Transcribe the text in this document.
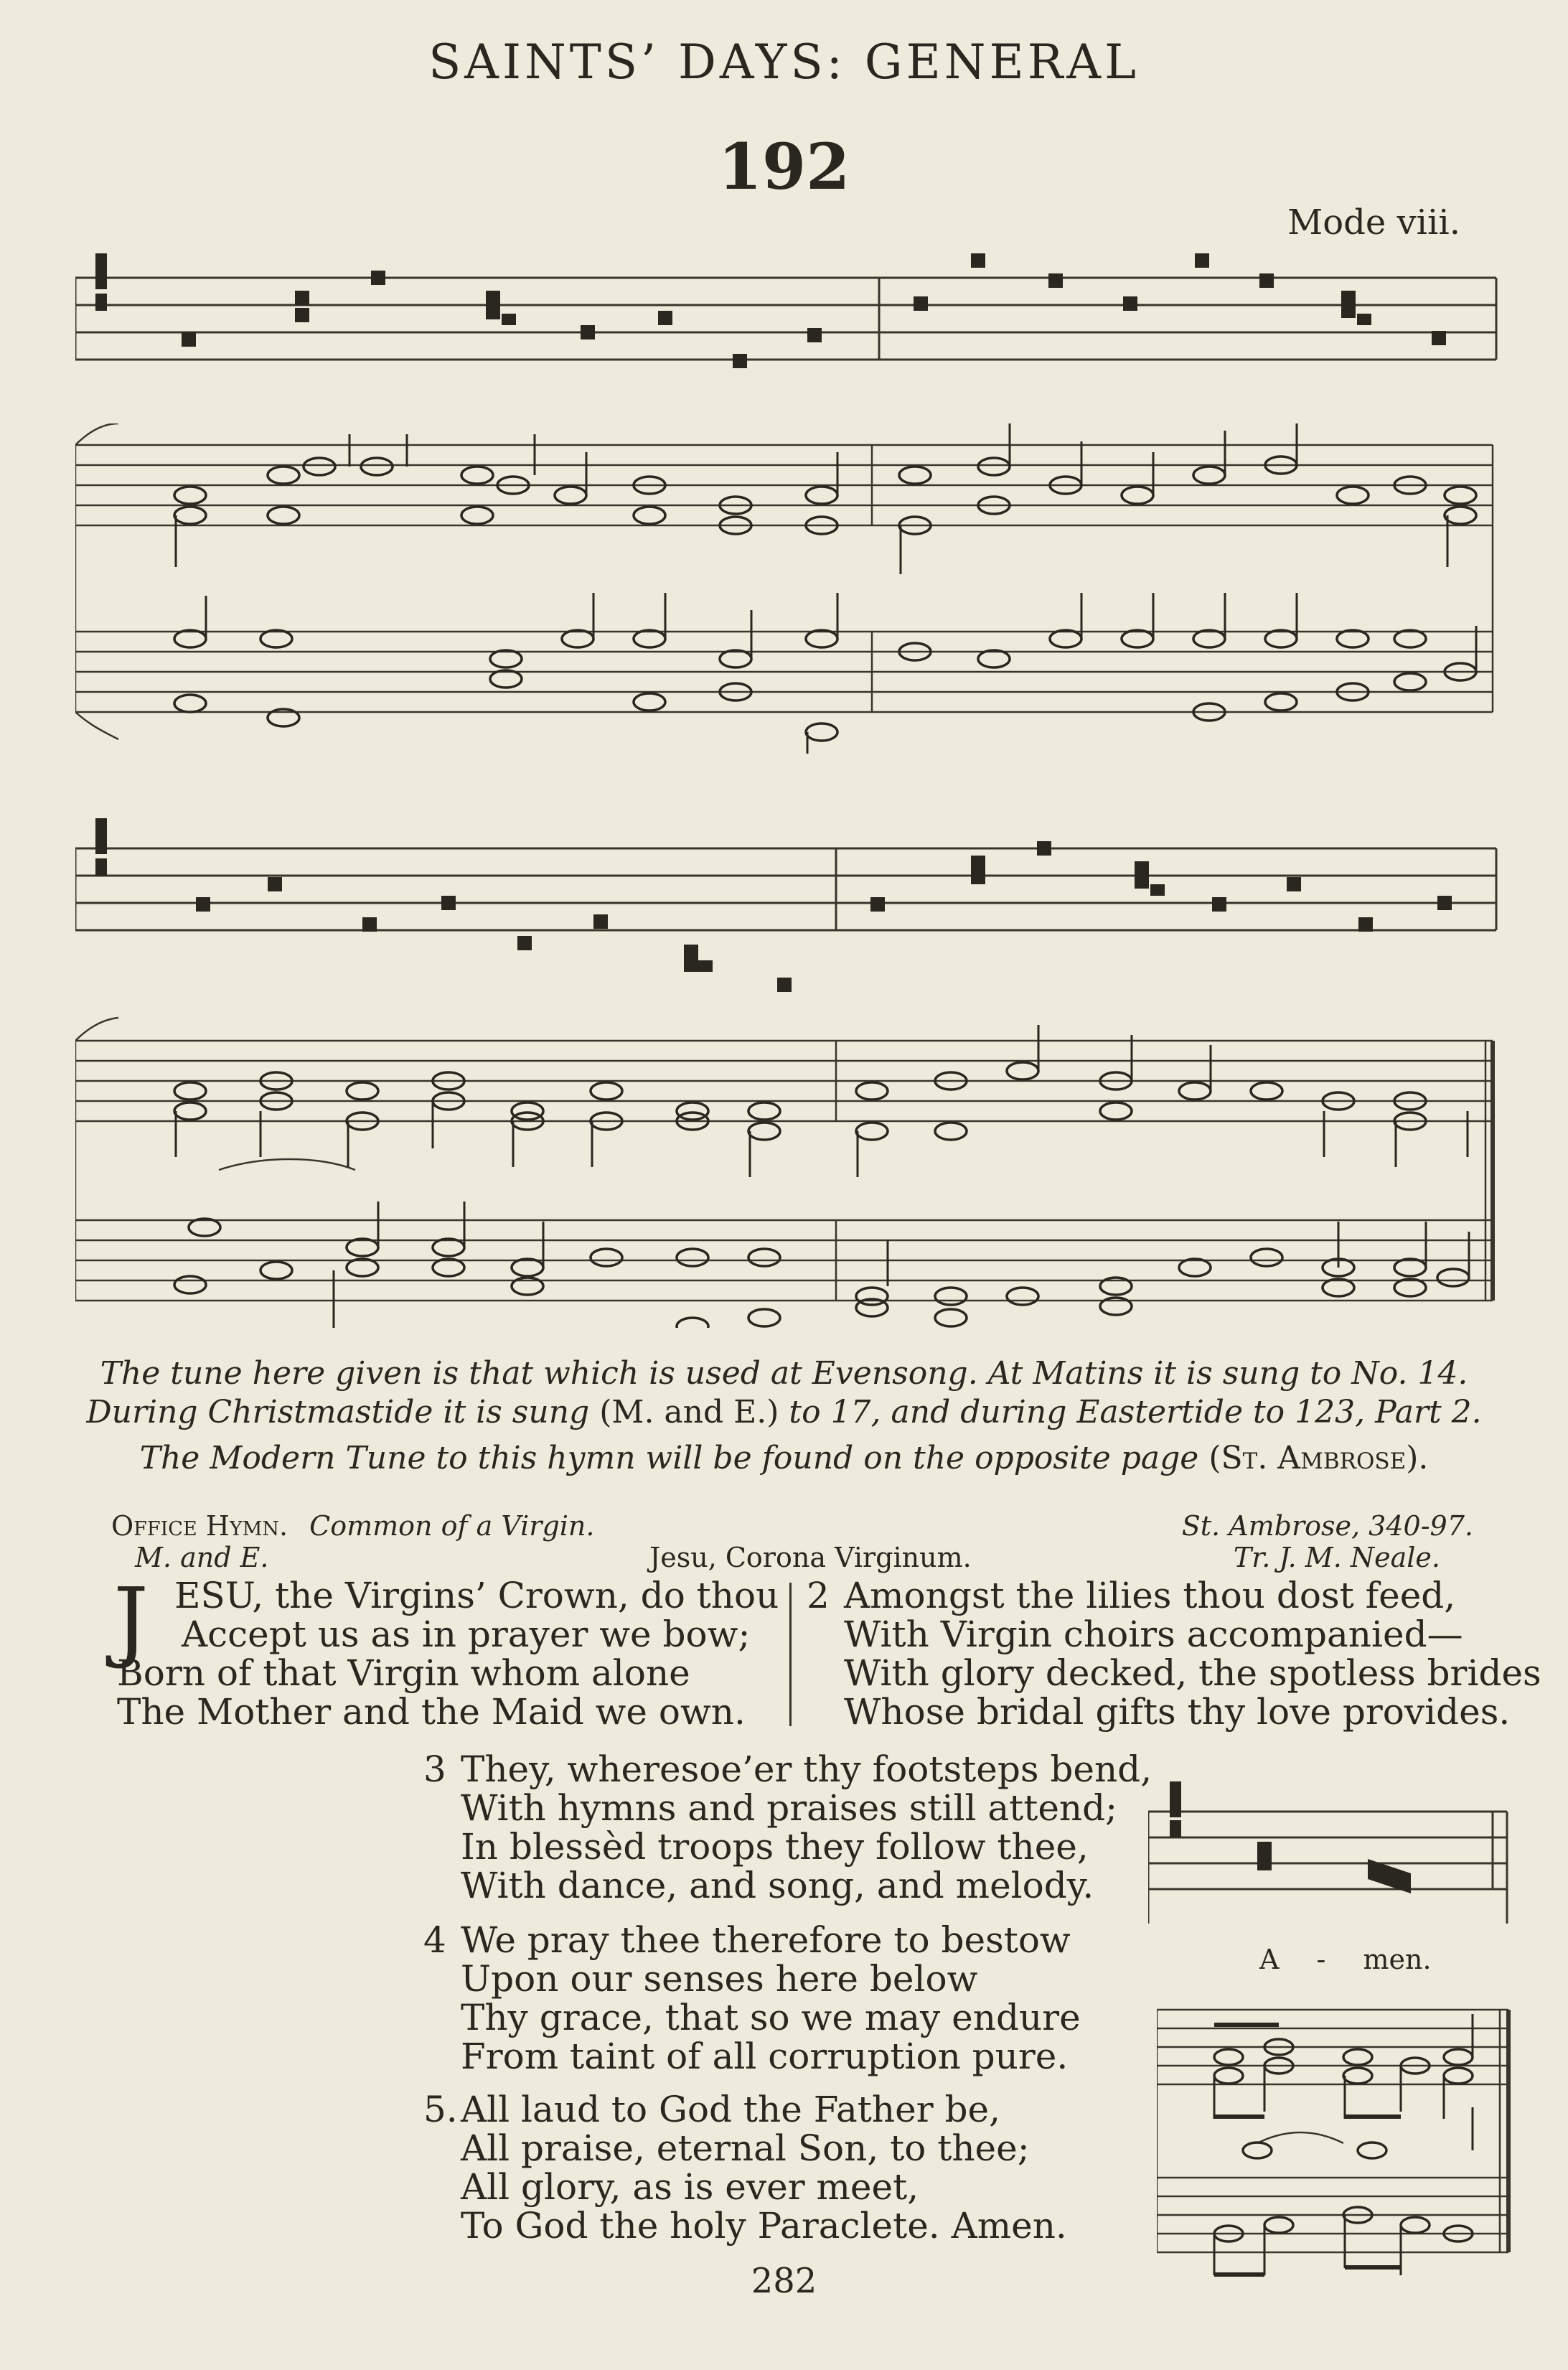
SAINTS’ DAYS: GENERAL
192
Mode viii.
The tune here given is that which is used at Evensong. At Matins it is sung to No. 14.
During Christmastide it is sung (M. and E.) to 17, and during Eastertide to 123, Part 2.
The Modern Tune to this hymn will be found on the opposite page (St. Ambrose).
Office Hymn. Common of a Virgin.
M. and E.	Jesu, Corona Virginum.
St. Ambrose, 340-97.
Tr. J. M. Neale.
J ESU, the Virgins’ Crown, do thou
Accept us as in prayer we bow;
Born of that Virgin whom alone
The Mother and the Maid we own.
2 Amongst the lilies thou dost feed,
With Virgin choirs accompanied—
With glory decked, the spotless brides
Whose bridal gifts thy love provides.
3 They, wheresoe’er thy footsteps bend,
With hymns and praises still attend;
In blessèd troops they follow thee,
With dance, and song, and melody.
4 We pray thee therefore to bestow
Upon our senses here below
Thy grace, that so we may endure
From taint of all corruption pure.
5.All laud to God the Father be,
All praise, eternal Son, to thee;
All glory, as is ever meet,
To God the holy Paraclete. Amen.
A - men.
282
